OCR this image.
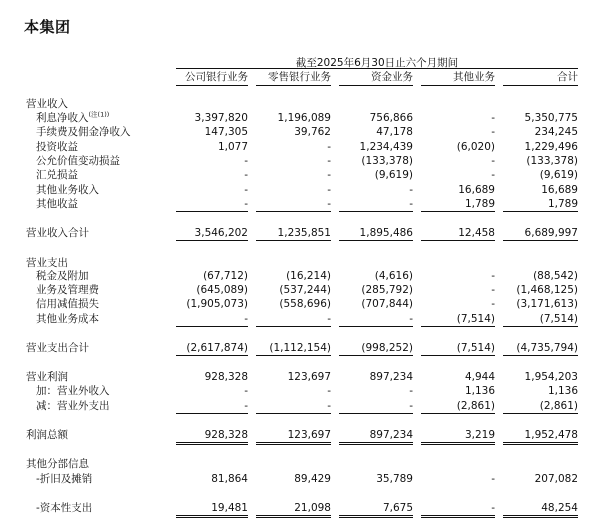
本集团
截至2025年6月30日止六个月期间
公司银行业务	零售银行业务	资金业务	其他业务	合计
营业收入
利息净收入$^{(注(1))}$	3,397,820	1,196,089	756,866	-	5,350,775
手续费及佣金净收入	147,305	39,762	47,178	-	234,245
投资收益	1,077	-	1,234,439	(6,020)	1,229,496
公允价值变动损益	-	-	(133,378)	-	(133,378)
汇兑损益	-	-	(9,619)	-	(9,619)
其他业务收入	-	-	-	16,689	16,689
其他收益	-	-	-	1,789	1,789
营业收入合计	3,546,202	1,235,851	1,895,486	12,458	6,689,997
营业支出
税金及附加	(67,712)	(16,214)	(4,616)	-	(88,542)
业务及管理费	(645,089)	(537,244)	(285,792)	-	(1,468,125)
信用减值损失	(1,905,073)	(558,696)	(707,844)	-	(3,171,613)
其他业务成本	-	-	-	(7,514)	(7,514)
营业支出合计	(2,617,874)	(1,112,154)	(998,252)	(7,514)	(4,735,794)
营业利润	928,328	123,697	897,234	4,944	1,954,203
加：营业外收入	-	-	-	1,136	1,136
减：营业外支出	-	-	-	(2,861)	(2,861)
利润总额	928,328	123,697	897,234	3,219	1,952,478
其他分部信息
-折旧及摊销	81,864	89,429	35,789	-	207,082
-资本性支出	19,481	21,098	7,675	-	48,254
